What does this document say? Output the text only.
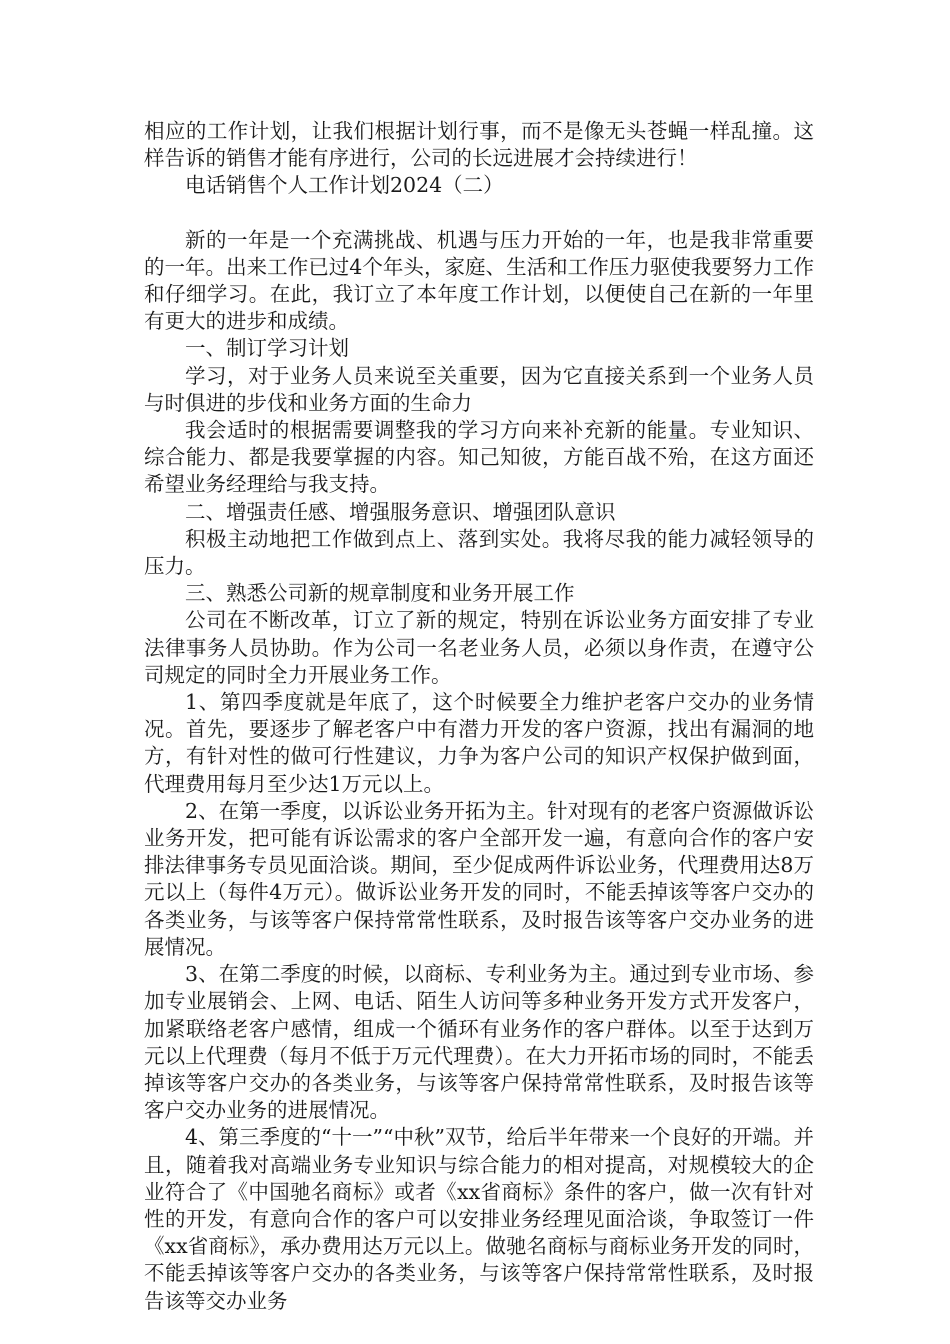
相应的工作计划，让我们根据计划行事，而不是像无头苍蝇一样乱撞。这样告诉的销售才能有序进行，公司的长远进展才会持续进行！

电话销售个人工作计划2024（二）

新的一年是一个充满挑战、机遇与压力开始的一年，也是我非常重要的一年。出来工作已过4个年头，家庭、生活和工作压力驱使我要努力工作和仔细学习。在此，我订立了本年度工作计划，以便使自己在新的一年里有更大的进步和成绩。

一、制订学习计划

学习，对于业务人员来说至关重要，因为它直接关系到一个业务人员与时俱进的步伐和业务方面的生命力

我会适时的根据需要调整我的学习方向来补充新的能量。专业知识、综合能力、都是我要掌握的内容。知己知彼，方能百战不殆，在这方面还希望业务经理给与我支持。

二、增强责任感、增强服务意识、增强团队意识

积极主动地把工作做到点上、落到实处。我将尽我的能力减轻领导的压力。

三、熟悉公司新的规章制度和业务开展工作

公司在不断改革，订立了新的规定，特别在诉讼业务方面安排了专业法律事务人员协助。作为公司一名老业务人员，必须以身作责，在遵守公司规定的同时全力开展业务工作。

1、第四季度就是年底了，这个时候要全力维护老客户交办的业务情况。首先，要逐步了解老客户中有潜力开发的客户资源，找出有漏洞的地方，有针对性的做可行性建议，力争为客户公司的知识产权保护做到面，代理费用每月至少达1万元以上。

2、在第一季度，以诉讼业务开拓为主。针对现有的老客户资源做诉讼业务开发，把可能有诉讼需求的客户全部开发一遍，有意向合作的客户安排法律事务专员见面洽谈。期间，至少促成两件诉讼业务，代理费用达8万元以上（每件4万元）。做诉讼业务开发的同时，不能丢掉该等客户交办的各类业务，与该等客户保持常常性联系，及时报告该等客户交办业务的进展情况。

3、在第二季度的时候，以商标、专利业务为主。通过到专业市场、参加专业展销会、上网、电话、陌生人访问等多种业务开发方式开发客户，加紧联络老客户感情，组成一个循环有业务作的客户群体。以至于达到万元以上代理费（每月不低于万元代理费）。在大力开拓市场的同时，不能丢掉该等客户交办的各类业务，与该等客户保持常常性联系，及时报告该等客户交办业务的进展情况。

4、第三季度的“十一”“中秋”双节，给后半年带来一个良好的开端。并且，随着我对高端业务专业知识与综合能力的相对提高，对规模较大的企业符合了《中国驰名商标》或者《xx省商标》条件的客户，做一次有针对性的开发，有意向合作的客户可以安排业务经理见面洽谈，争取签订一件《xx省商标》，承办费用达万元以上。做驰名商标与商标业务开发的同时，不能丢掉该等客户交办的各类业务，与该等客户保持常常性联系，及时报告该等交办业务
